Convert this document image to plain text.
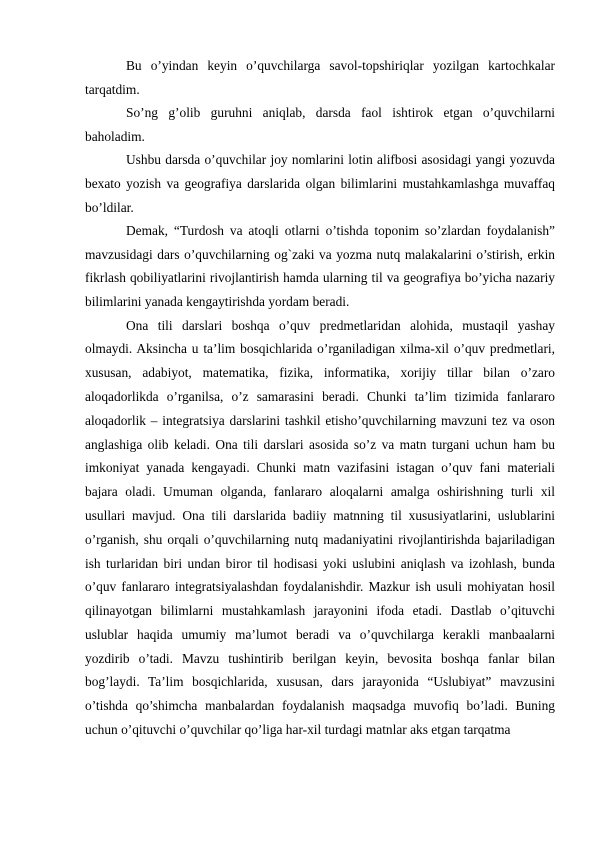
Bu o’yindan keyin o’quvchilarga savol-topshiriqlar yozilgan kartochkalar tarqatdim.

So’ng g’olib guruhni aniqlab, darsda faol ishtirok etgan o’quvchilarni baholadim.

Ushbu darsda o’quvchilar joy nomlarini lotin alifbosi asosidagi yangi yozuvda bexato yozish va geografiya darslarida olgan bilimlarini mustahkamlashga muvaffaq bo’ldilar.

Demak, “Turdosh va atoqli otlarni o’tishda toponim so’zlardan foydalanish” mavzusidagi dars o’quvchilarning og`zaki va yozma nutq malakalarini o’stirish, erkin fikrlash qobiliyatlarini rivojlantirish hamda ularning til va geografiya bo’yicha nazariy bilimlarini yanada kengaytirishda yordam beradi.

Ona tili darslari boshqa o’quv predmetlaridan alohida, mustaqil yashay olmaydi. Aksincha u ta’lim bosqichlarida o’rganiladigan xilma-xil o’quv predmetlari, xususan, adabiyot, matematika, fizika, informatika, xorijiy tillar bilan o’zaro aloqadorlikda o’rganilsa, o’z samarasini beradi. Chunki ta’lim tizimida fanlararo aloqadorlik – integratsiya darslarini tashkil etisho’quvchilarning mavzuni tez va oson anglashiga olib keladi. Ona tili darslari asosida so’z va matn turgani uchun ham bu imkoniyat yanada kengayadi. Chunki matn vazifasini istagan o’quv fani materiali bajara oladi. Umuman olganda, fanlararo aloqalarni amalga oshirishning turli xil usullari mavjud. Ona tili darslarida badiiy matnning til xususiyatlarini, uslublarini o’rganish, shu orqali o’quvchilarning nutq madaniyatini rivojlantirishda bajariladigan ish turlaridan biri undan biror til hodisasi yoki uslubini aniqlash va izohlash, bunda o’quv fanlararo integratsiyalashdan foydalanishdir. Mazkur ish usuli mohiyatan hosil qilinayotgan bilimlarni mustahkamlash jarayonini ifoda etadi. Dastlab o’qituvchi uslublar haqida umumiy ma’lumot beradi va o’quvchilarga kerakli manbaalarni yozdirib o’tadi. Mavzu tushintirib berilgan keyin, bevosita boshqa fanlar bilan bog’laydi. Ta’lim bosqichlarida, xususan, dars jarayonida “Uslubiyat” mavzusini o’tishda qo’shimcha manbalardan foydalanish maqsadga muvofiq bo’ladi. Buning uchun o’qituvchi o’quvchilar qo’liga har-xil turdagi matnlar aks etgan tarqatma
